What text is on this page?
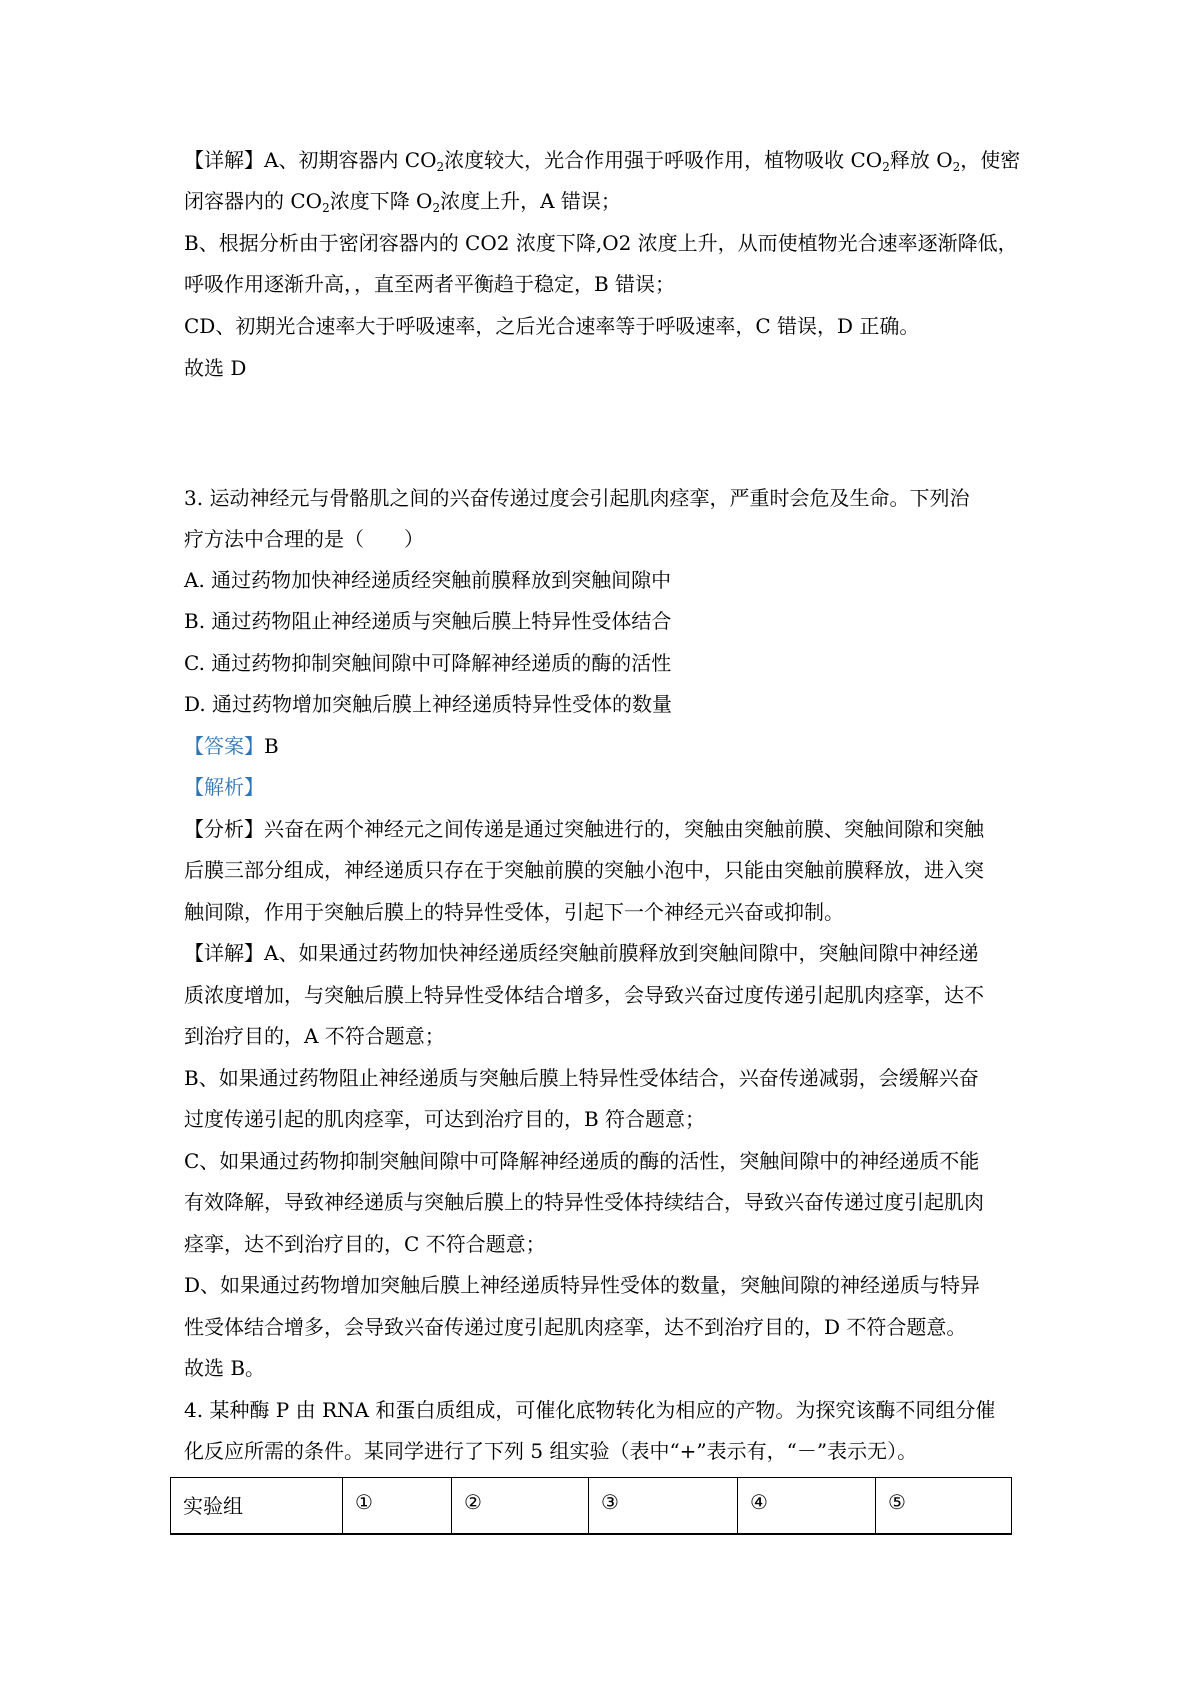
【详解】A、初期容器内 $CO_2$浓度较大，光合作用强于呼吸作用，植物吸收 $CO_2$释放 $O_2$，使密
闭容器内的 $CO_2$浓度下降 $O_2$浓度上升，A 错误；
B、根据分析由于密闭容器内的 CO2 浓度下降,O2 浓度上升，从而使植物光合速率逐渐降低，
呼吸作用逐渐升高，，直至两者平衡趋于稳定，B 错误；
CD、初期光合速率大于呼吸速率，之后光合速率等于呼吸速率，C 错误，D 正确。
故选 D
3. 运动神经元与骨骼肌之间的兴奋传递过度会引起肌肉痉挛，严重时会危及生命。下列治
疗方法中合理的是（　　）
A. 通过药物加快神经递质经突触前膜释放到突触间隙中
B. 通过药物阻止神经递质与突触后膜上特异性受体结合
C. 通过药物抑制突触间隙中可降解神经递质的酶的活性
D. 通过药物增加突触后膜上神经递质特异性受体的数量
【答案】B
【解析】
【分析】兴奋在两个神经元之间传递是通过突触进行的，突触由突触前膜、突触间隙和突触
后膜三部分组成，神经递质只存在于突触前膜的突触小泡中，只能由突触前膜释放，进入突
触间隙，作用于突触后膜上的特异性受体，引起下一个神经元兴奋或抑制。
【详解】A、如果通过药物加快神经递质经突触前膜释放到突触间隙中，突触间隙中神经递
质浓度增加，与突触后膜上特异性受体结合增多，会导致兴奋过度传递引起肌肉痉挛，达不
到治疗目的，A 不符合题意；
B、如果通过药物阻止神经递质与突触后膜上特异性受体结合，兴奋传递减弱，会缓解兴奋
过度传递引起的肌肉痉挛，可达到治疗目的，B 符合题意；
C、如果通过药物抑制突触间隙中可降解神经递质的酶的活性，突触间隙中的神经递质不能
有效降解，导致神经递质与突触后膜上的特异性受体持续结合，导致兴奋传递过度引起肌肉
痉挛，达不到治疗目的，C 不符合题意；
D、如果通过药物增加突触后膜上神经递质特异性受体的数量，突触间隙的神经递质与特异
性受体结合增多，会导致兴奋传递过度引起肌肉痉挛，达不到治疗目的，D 不符合题意。
故选 B。
4. 某种酶 P 由 RNA 和蛋白质组成，可催化底物转化为相应的产物。为探究该酶不同组分催
化反应所需的条件。某同学进行了下列 5 组实验（表中“+”表示有，“－”表示无）。
实验组	①	②	③	④	⑤
